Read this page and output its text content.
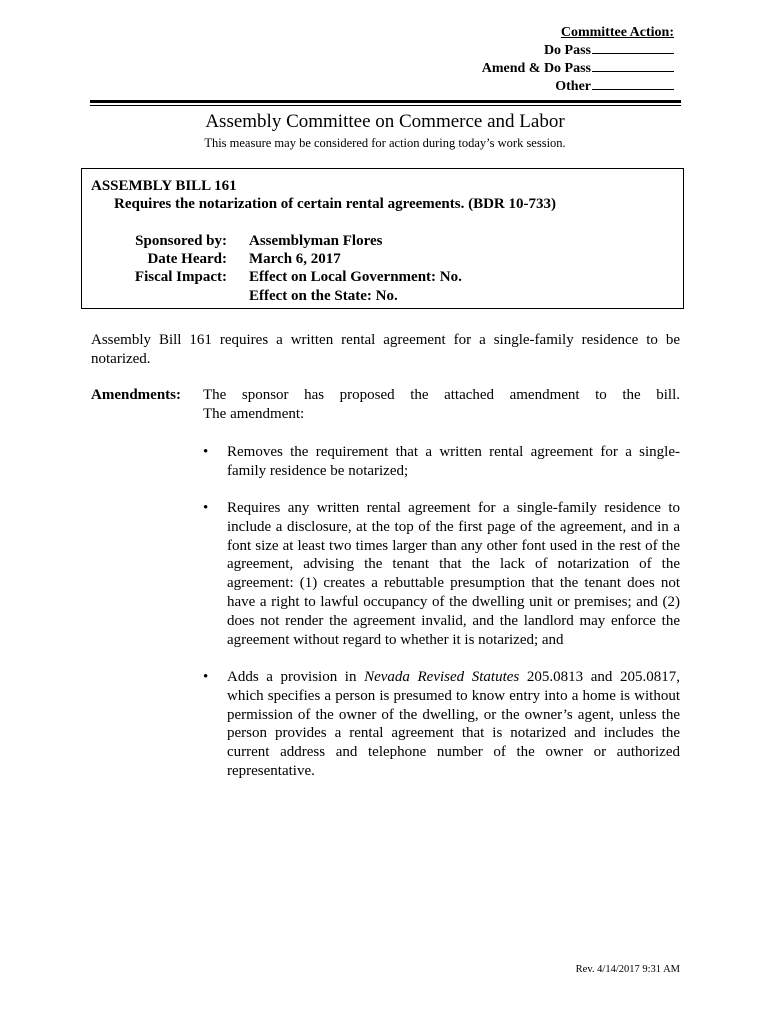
Committee Action:
Do Pass
Amend & Do Pass
Other
Assembly Committee on Commerce and Labor
This measure may be considered for action during today’s work session.
ASSEMBLY BILL 161
Requires the notarization of certain rental agreements. (BDR 10-733)
Sponsored by: Assemblyman Flores
Date Heard: March 6, 2017
Fiscal Impact: Effect on Local Government: No.
Effect on the State: No.
Assembly Bill 161 requires a written rental agreement for a single-family residence to be notarized.
Amendments: The sponsor has proposed the attached amendment to the bill.
The amendment:
•	Removes the requirement that a written rental agreement for a single-family residence be notarized;
•	Requires any written rental agreement for a single-family residence to include a disclosure, at the top of the first page of the agreement, and in a font size at least two times larger than any other font used in the rest of the agreement, advising the tenant that the lack of notarization of the agreement: (1) creates a rebuttable presumption that the tenant does not have a right to lawful occupancy of the dwelling unit or premises; and (2) does not render the agreement invalid, and the landlord may enforce the agreement without regard to whether it is notarized; and
•	Adds a provision in Nevada Revised Statutes 205.0813 and 205.0817, which specifies a person is presumed to know entry into a home is without permission of the owner of the dwelling, or the owner’s agent, unless the person provides a rental agreement that is notarized and includes the current address and telephone number of the owner or authorized representative.
Rev. 4/14/2017 9:31 AM
